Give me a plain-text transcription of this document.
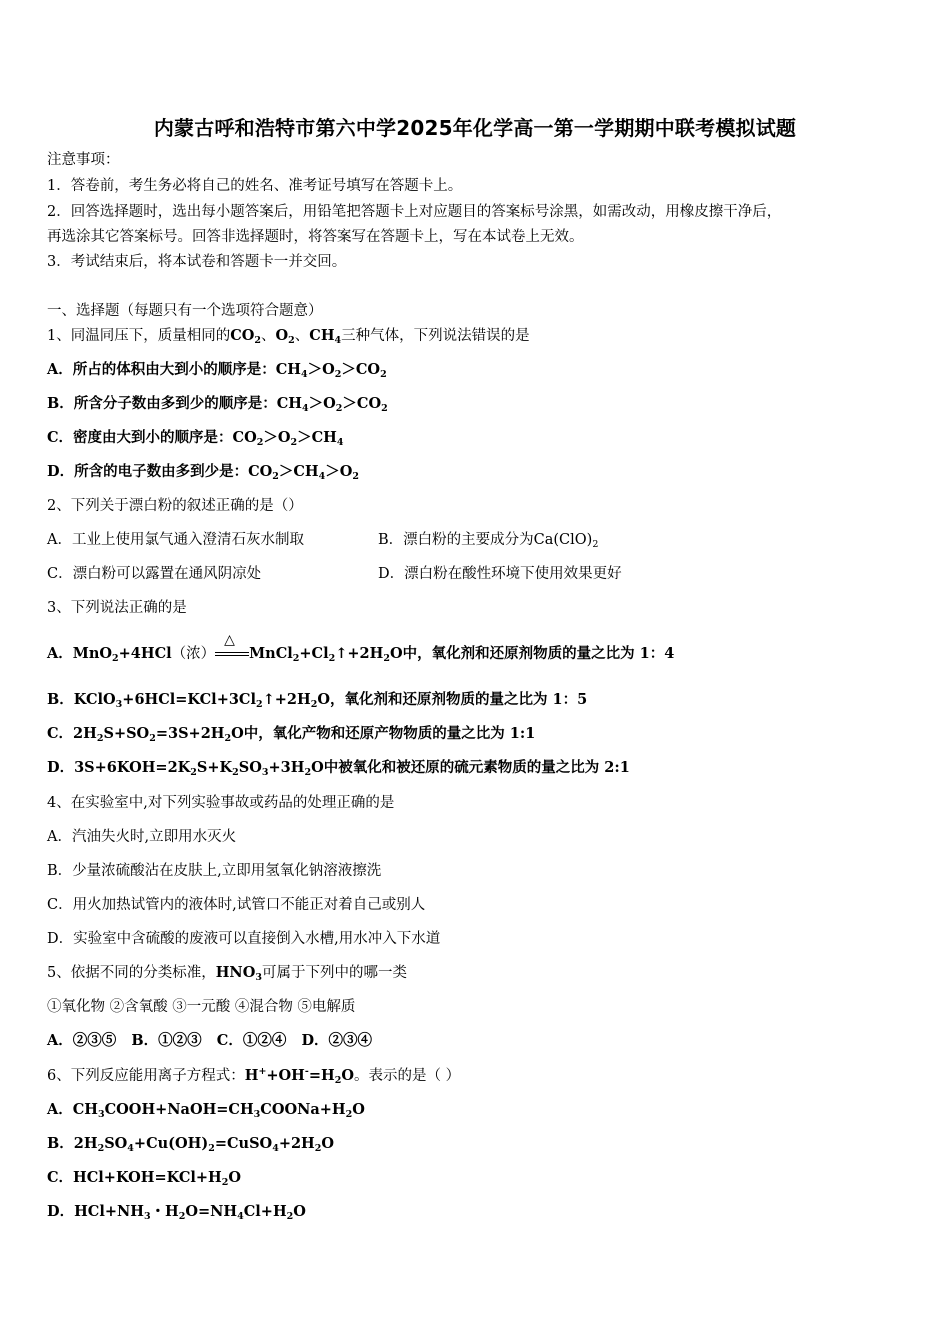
内蒙古呼和浩特市第六中学2025年化学高一第一学期期中联考模拟试题
注意事项：
1．答卷前，考生务必将自己的姓名、准考证号填写在答题卡上。
2．回答选择题时，选出每小题答案后，用铅笔把答题卡上对应题目的答案标号涂黑，如需改动，用橡皮擦干净后，
再选涂其它答案标号。回答非选择题时，将答案写在答题卡上，写在本试卷上无效。
3．考试结束后，将本试卷和答题卡一并交回。
一、选择题（每题只有一个选项符合题意）
1、同温同压下，质量相同的$CO_2$、$O_2$、$CH_4$三种气体，下列说法错误的是
A．所占的体积由大到小的顺序是：$CH_4>O_2>CO_2$
B．所含分子数由多到少的顺序是：$CH_4>O_2>CO_2$
C．密度由大到小的顺序是：$CO_2>O_2>CH_4$
D．所含的电子数由多到少是：$CO_2>CH_4>O_2$
2、下列关于漂白粉的叙述正确的是（）
A．工业上使用氯气通入澄清石灰水制取	B．漂白粉的主要成分为$Ca(ClO)_2$
C．漂白粉可以露置在通风阴凉处	D．漂白粉在酸性环境下使用效果更好
3、下列说法正确的是
A．MnO$_2$+4HCl（浓）
△
$MnCl_2+Cl_2↑+2H_2O$中，氧化剂和还原剂物质的量之比为 1：4
B．$KClO_3+6HCl=KCl+3Cl_2↑+2H_2O$，氧化剂和还原剂物质的量之比为 1：5
C．$2H_2S+SO_2=3S+2H_2O$中，氧化产物和还原产物物质的量之比为 1:1
D．$3S+6KOH=2K_2S+K_2SO_3+3H_2O$中被氧化和被还原的硫元素物质的量之比为 2:1
4、在实验室中,对下列实验事故或药品的处理正确的是
A．汽油失火时,立即用水灭火
B．少量浓硫酸沾在皮肤上,立即用氢氧化钠溶液擦洗
C．用火加热试管内的液体时,试管口不能正对着自己或别人
D．实验室中含硫酸的废液可以直接倒入水槽,用水冲入下水道
5、依据不同的分类标准，$HNO_3$可属于下列中的哪一类
①氧化物 ②含氧酸 ③一元酸 ④混合物 ⑤电解质
A．②③⑤   B．①②③   C．①②④   D．②③④
6、下列反应能用离子方程式：$H^++OH^-=H_2O$。表示的是（ ）
A．$CH_3COOH+NaOH=CH_3COONa+H_2O$
B．$2H_2SO_4+Cu(OH)_2=CuSO_4+2H_2O$
C．$HCl+KOH=KCl+H_2O$
D．$HCl+NH_3$・$H_2O=NH_4Cl+H_2O$
